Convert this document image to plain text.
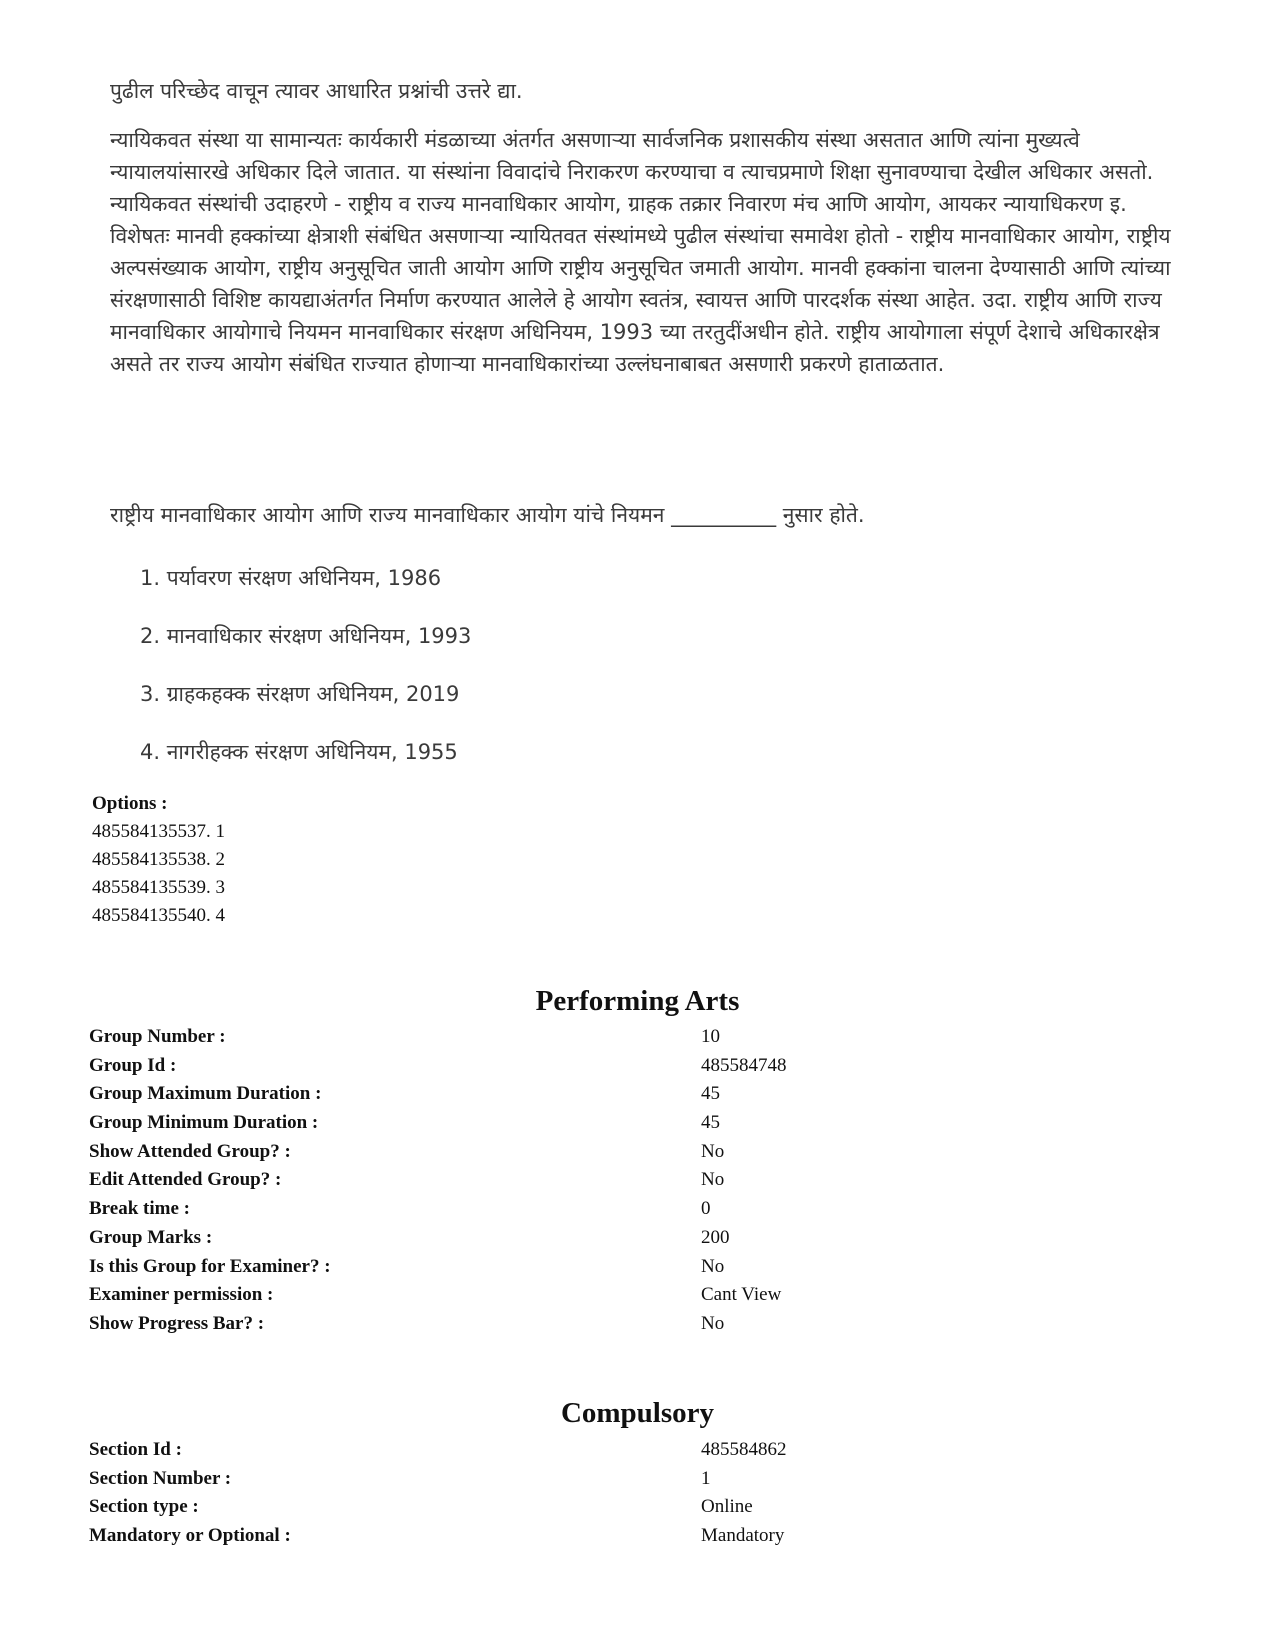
पुढील परिच्छेद वाचून त्यावर आधारित प्रश्नांची उत्तरे द्या.

न्यायिकवत संस्था या सामान्यतः कार्यकारी मंडळाच्या अंतर्गत असणाऱ्या सार्वजनिक प्रशासकीय संस्था असतात आणि त्यांना मुख्यत्वे न्यायालयांसारखे अधिकार दिले जातात. या संस्थांना विवादांचे निराकरण करण्याचा व त्याचप्रमाणे शिक्षा सुनावण्याचा देखील अधिकार असतो. न्यायिकवत संस्थांची उदाहरणे - राष्ट्रीय व राज्य मानवाधिकार आयोग, ग्राहक तक्रार निवारण मंच आणि आयोग, आयकर न्यायाधिकरण इ. विशेषतः मानवी हक्कांच्या क्षेत्राशी संबंधित असणाऱ्या न्यायितवत संस्थांमध्ये पुढील संस्थांचा समावेश होतो - राष्ट्रीय मानवाधिकार आयोग, राष्ट्रीय अल्पसंख्याक आयोग, राष्ट्रीय अनुसूचित जाती आयोग आणि राष्ट्रीय अनुसूचित जमाती आयोग. मानवी हक्कांना चालना देण्यासाठी आणि त्यांच्या संरक्षणासाठी विशिष्ट कायद्याअंतर्गत निर्माण करण्यात आलेले हे आयोग स्वतंत्र, स्वायत्त आणि पारदर्शक संस्था आहेत. उदा. राष्ट्रीय आणि राज्य मानवाधिकार आयोगाचे नियमन मानवाधिकार संरक्षण अधिनियम, 1993 च्या तरतुदींअधीन होते. राष्ट्रीय आयोगाला संपूर्ण देशाचे अधिकारक्षेत्र असते तर राज्य आयोग संबंधित राज्यात होणाऱ्या मानवाधिकारांच्या उल्लंघनाबाबत असणारी प्रकरणे हाताळतात.

राष्ट्रीय मानवाधिकार आयोग आणि राज्य मानवाधिकार आयोग यांचे नियमन __________ नुसार होते.

1. पर्यावरण संरक्षण अधिनियम, 1986
2. मानवाधिकार संरक्षण अधिनियम, 1993
3. ग्राहकहक्क संरक्षण अधिनियम, 2019
4. नागरीहक्क संरक्षण अधिनियम, 1955
Options :
485584135537. 1
485584135538. 2
485584135539. 3
485584135540. 4
Performing Arts
Group Number :	10
Group Id :	485584748
Group Maximum Duration :	45
Group Minimum Duration :	45
Show Attended Group? :	No
Edit Attended Group? :	No
Break time :	0
Group Marks :	200
Is this Group for Examiner? :	No
Examiner permission :	Cant View
Show Progress Bar? :	No
Compulsory
Section Id :	485584862
Section Number :	1
Section type :	Online
Mandatory or Optional :	Mandatory
